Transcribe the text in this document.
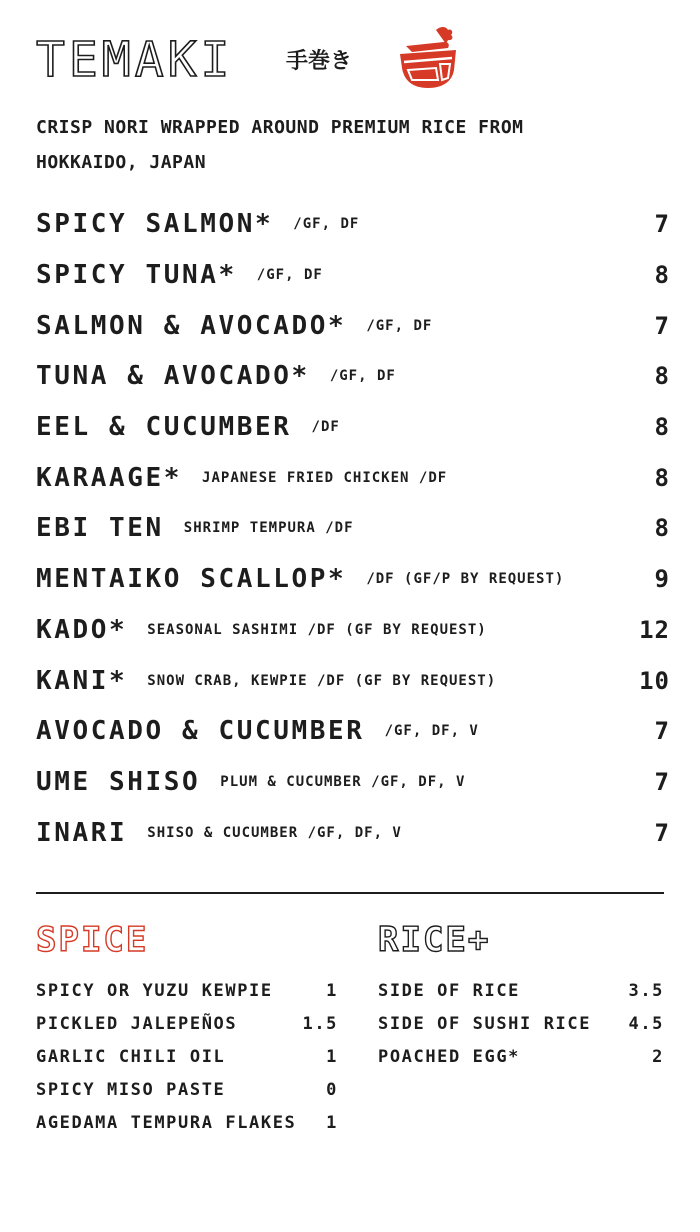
TEMAKI 手巻き
CRISP NORI WRAPPED AROUND PREMIUM RICE FROM HOKKAIDO, JAPAN
SPICY SALMON* /GF, DF	7
SPICY TUNA* /GF, DF	8
SALMON & AVOCADO* /GF, DF	7
TUNA & AVOCADO* /GF, DF	8
EEL & CUCUMBER /DF	8
KARAAGE* JAPANESE FRIED CHICKEN /DF	8
EBI TEN SHRIMP TEMPURA /DF	8
MENTAIKO SCALLOP* /DF (GF/P BY REQUEST)	9
KADO* SEASONAL SASHIMI /DF (GF BY REQUEST)	12
KANI* SNOW CRAB, KEWPIE /DF (GF BY REQUEST)	10
AVOCADO & CUCUMBER /GF, DF, V	7
UME SHISO PLUM & CUCUMBER /GF, DF, V	7
INARI SHISO & CUCUMBER /GF, DF, V	7
SPICE
SPICY OR YUZU KEWPIE	1
PICKLED JALEPEÑOS	1.5
GARLIC CHILI OIL	1
SPICY MISO PASTE	0
AGEDAMA TEMPURA FLAKES 1
RICE+
SIDE OF RICE	3.5
SIDE OF SUSHI RICE 4.5
POACHED EGG*	2
